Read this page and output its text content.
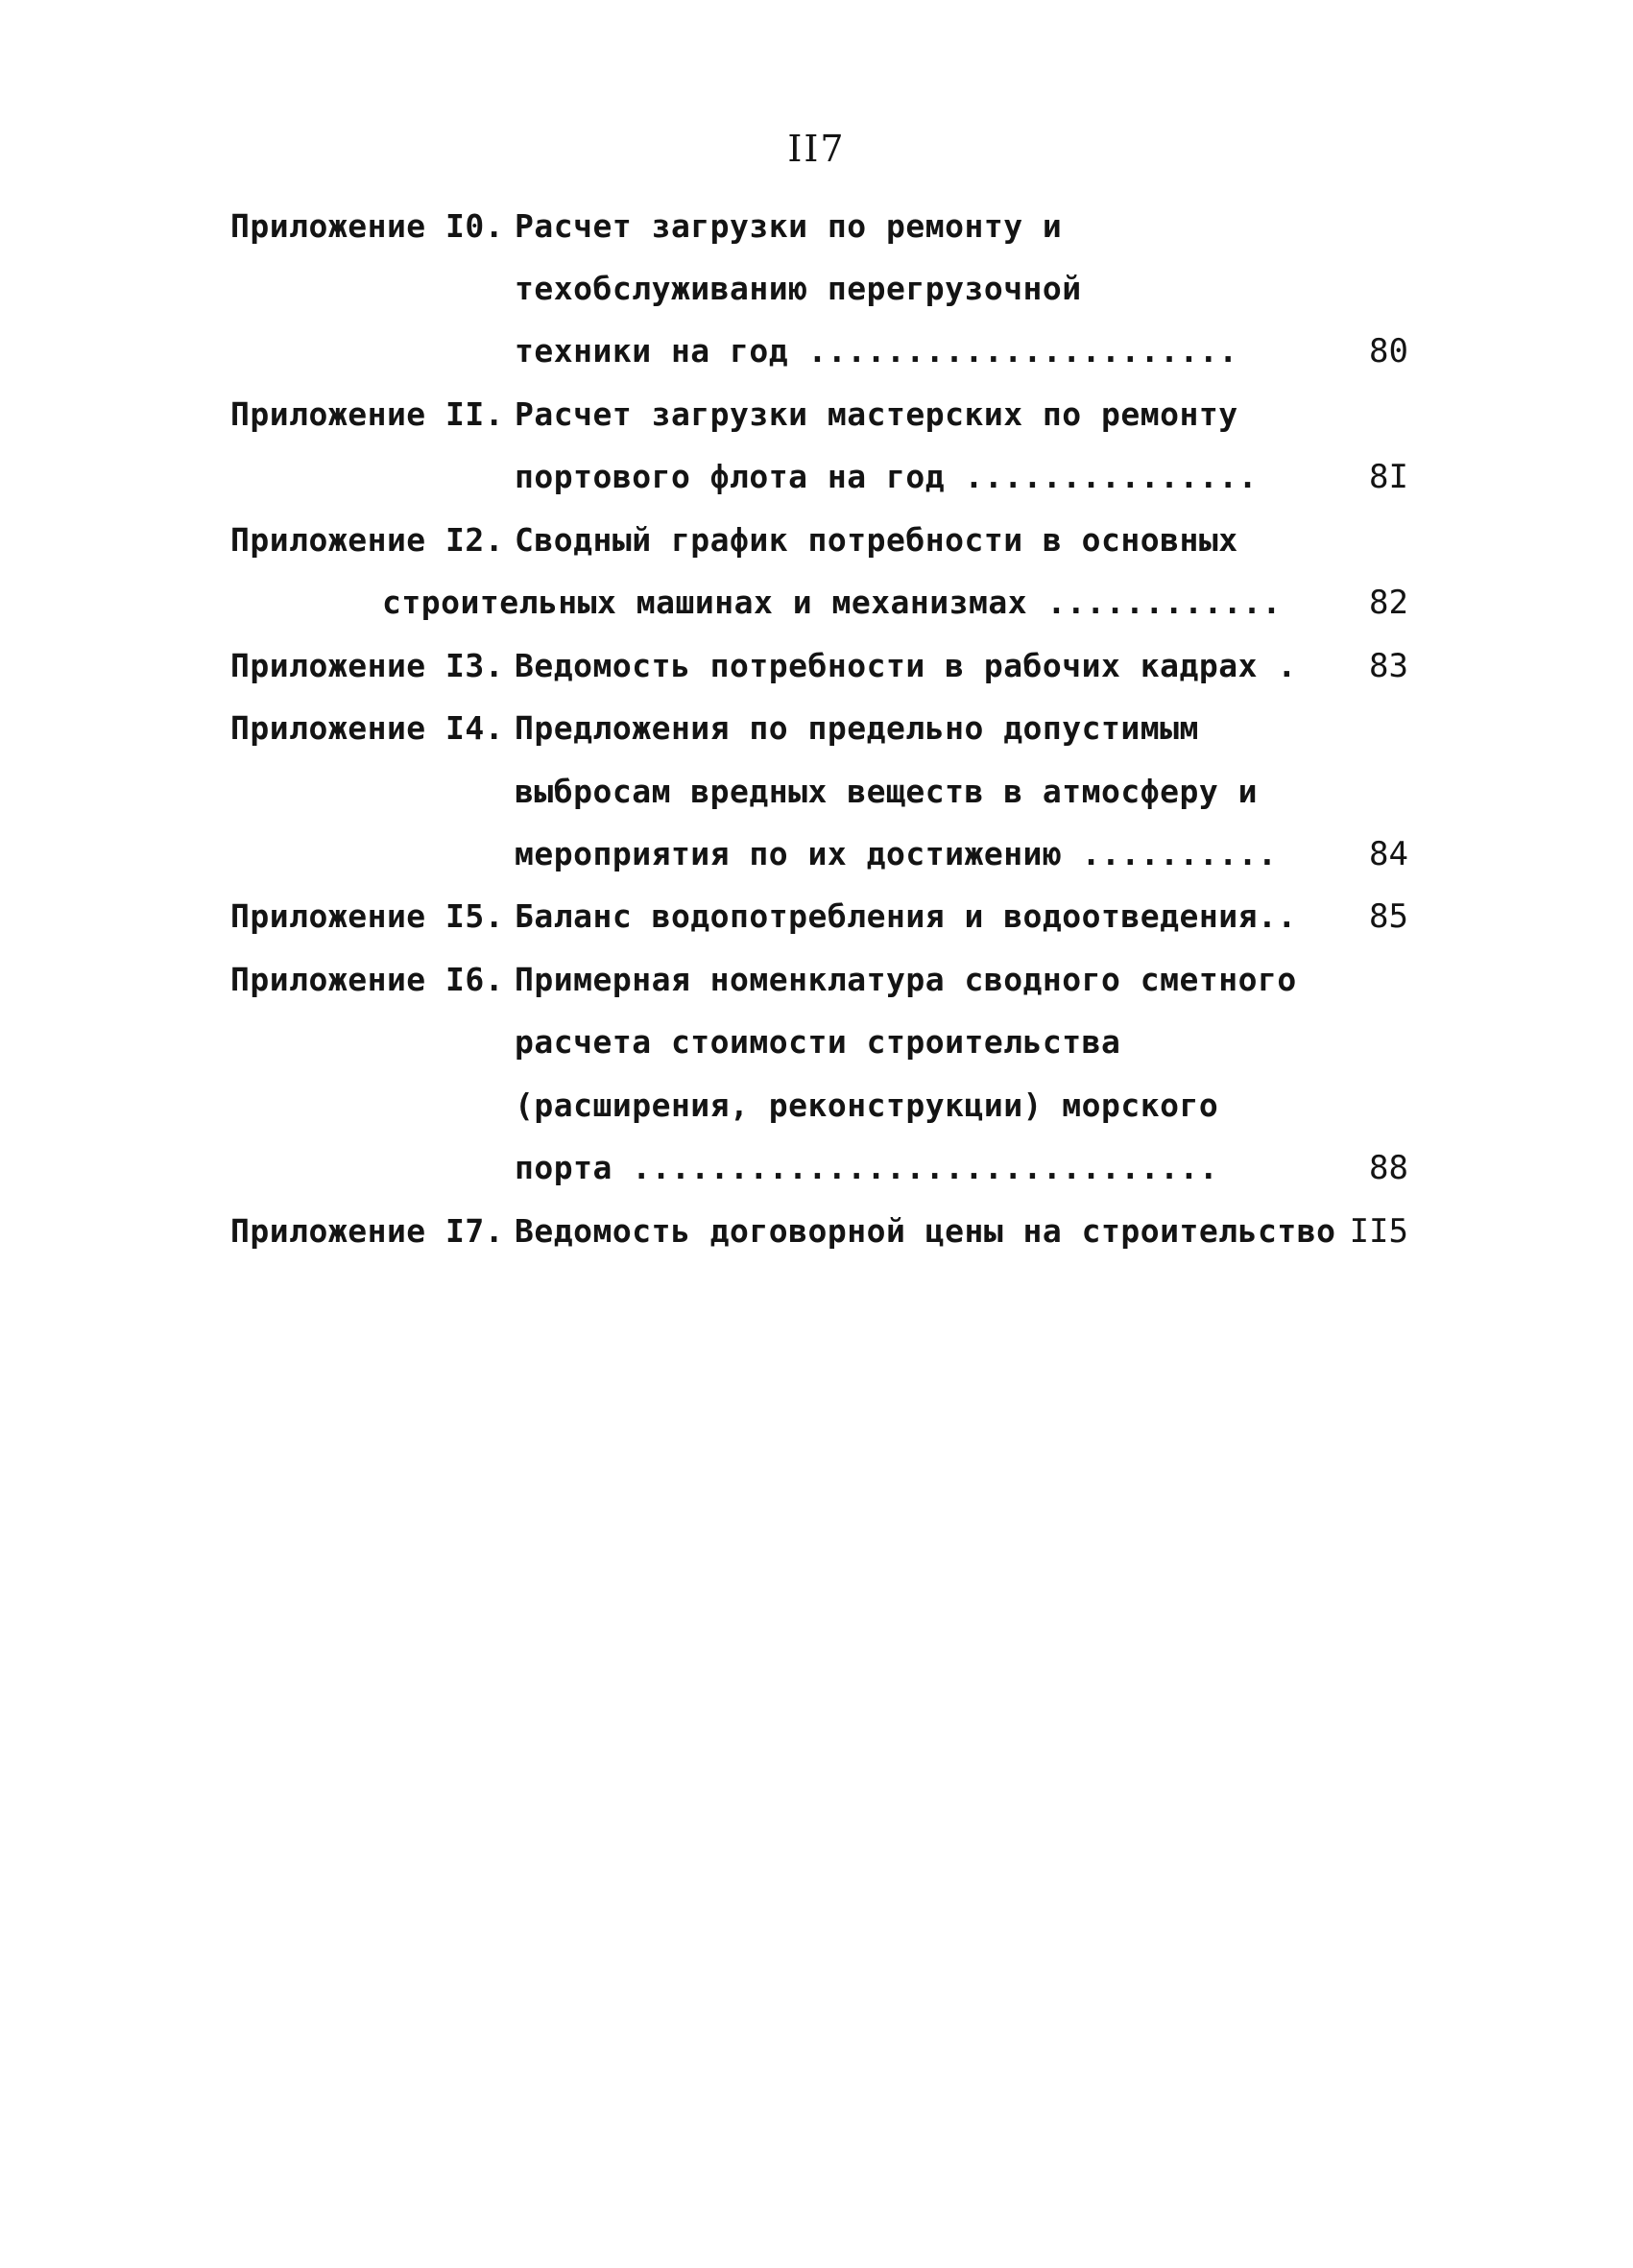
II7
Приложение I0. Расчет загрузки по ремонту и
техобслуживанию перегрузочной
техники на год ......................	80
Приложение II. Расчет загрузки мастерских по ремонту
портового флота на год ...............	8I
Приложение I2. Сводный график потребности в основных
строительных машинах и механизмах ............	82
Приложение I3. Ведомость потребности в рабочих кадрах .	83
Приложение I4. Предложения по предельно допустимым
выбросам вредных веществ в атмосферу и
мероприятия по их достижению ..........	84
Приложение I5. Баланс водопотребления и водоотведения..	85
Приложение I6. Примерная номенклатура сводного сметного
расчета стоимости строительства
(расширения, реконструкции) морского
порта ..............................	88
Приложение I7. Ведомость договорной цены на строительство II5
